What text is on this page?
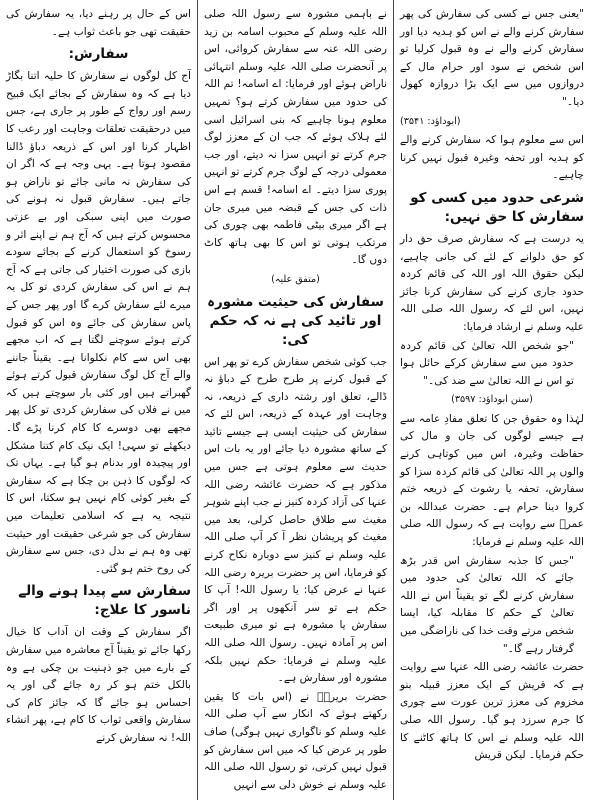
"یعنی جس نے کسی کی سفارش کی پھر سفارش کرنے والے نے اس کو ہدیہ دیا اور سفارش کرنے والے نے وہ قبول کرلیا تو اس شخص نے سود اور حرام مال کے دروازوں میں سے ایک بڑا دروازہ کھول دیا۔"

(ابوداؤد: ۳۵۴۱)

اس سے معلوم ہوا کہ سفارش کرنے والے کو ہدیہ اور تحفہ وغیرہ قبول نہیں کرنا چاہیے۔

شرعی حدود میں کسی کو سفارش کا حق نہیں:

یہ درست ہے کہ سفارش صرف حق دار کو حق دلوانے کے لئے کی جانی چاہیے، لیکن حقوق اللہ اور اللہ کی قائم کردہ حدود جاری کرنے کی سفارش کرنا جائز نہیں، اس لئے کہ رسول اللہ صلی اللہ علیہ وسلم نے ارشاد فرمایا:

"جو شخص اللہ تعالیٰ کی قائم کردہ حدود میں سے سفارش کرکے حائل ہوا تو اس نے اللہ تعالیٰ سے ضد کی۔"

(سنن ابوداؤد: ۳۵۹۷)

لہٰذا وہ حقوق جن کا تعلق مفادِ عامہ سے ہے جیسے لوگوں کی جان و مال کی حفاظت وغیرہ، اس میں کوتاہی کرنے والوں پر اللہ تعالیٰ کی قائم کردہ سزا کو سفارش، تحفہ یا رشوت کے ذریعہ ختم کروا دینا حرام ہے۔ حضرت عبداللہ بن عمرؓ سے روایت ہے کہ رسول اللہ صلی اللہ علیہ وسلم نے فرمایا:

"جس کا جذبہ سفارش اس قدر بڑھ جائے کہ اللہ تعالیٰ کی حدود میں سفارش کرنے لگے تو یقیناً اس نے اللہ تعالیٰ کے حکم کا مقابلہ کیا، ایسا شخص مرتے وقت خدا کی ناراضگی میں گرفتار رہے گا۔"

حضرت عائشہ رضی اللہ عنہا سے روایت ہے کہ قریش کے ایک معزز قبیلہ بنو مخزوم کی معزز ترین عورت سے چوری کا جرم سرزد ہو گیا۔ رسول اللہ صلی اللہ علیہ وسلم نے اس کا ہاتھ کاٹنے کا حکم فرمایا۔ لیکن قریش

نے باہمی مشورہ سے رسول اللہ صلی اللہ علیہ وسلم کے محبوب اسامہ بن زید رضی اللہ عنہ سے سفارش کروائی، اس پر آنحضرت صلی اللہ علیہ وسلم انتہائی ناراض ہوئے اور فرمایا: اے اسامہ! تم اللہ کی حدود میں سفارش کرتے ہو؟ تمہیں معلوم ہونا چاہیے کہ بنی اسرائیل اسی لئے ہلاک ہوئے کہ جب ان کے معزز لوگ جرم کرتے تو انہیں سزا نہ دیتے، اور جب معمولی درجہ کے لوگ جرم کرتے تو انہیں پوری سزا دیتے۔ اے اسامہ! قسم ہے اس ذات کی جس کے قبضہ میں میری جان ہے اگر میری بیٹی فاطمہ بھی چوری کی مرتکب ہوتی تو اس کا بھی ہاتھ کاٹ دوں گا۔

(متفق علیہ)
سفارش کی حیثیت مشورہ اور تائید کی ہے نہ کہ حکم کی:

جب کوئی شخص سفارش کرے تو پھر اس کے قبول کرنے پر طرح طرح کے دباؤ نہ ڈالے، تعلق اور رشتہ داری کے ذریعہ، نہ وجاہت اور عہدہ کے ذریعہ، اس لئے کہ سفارش کی حیثیت ایسی ہے جیسے تائید کے ساتھ مشورہ دیا جائے اور یہ بات اس حدیث سے معلوم ہوتی ہے جس میں مذکور ہے کہ حضرت عائشہ رضی اللہ عنہا کی آزاد کردہ کنیز نے جب اپنے شوہر مغیث سے طلاق حاصل کرلی، بعد میں مغیث کو پریشان نظر آ کر آپ صلی اللہ علیہ وسلم نے کنیز سے دوبارہ نکاح کرنے کو فرمایا، اس پر حضرت بریرہ رضی اللہ عنہا نے عرض کیا: یا رسول اللہ! آپ کا حکم ہے تو سر آنکھوں پر اور اگر سفارش یا مشورہ ہے تو میری طبیعت اس پر آمادہ نہیں۔ رسول اللہ صلی اللہ علیہ وسلم نے فرمایا: حکم نہیں بلکہ مشورہ اور سفارش ہے۔

حضرت بریرہؓ نے (اس بات کا یقین رکھتے ہوئے کہ انکار سے آپ صلی اللہ علیہ وسلم کو ناگواری نہیں ہوگی) صاف طور پر عرض کیا کہ میں اس سفارش کو قبول نہیں کرتی، تو رسول اللہ صلی اللہ علیہ وسلم نے خوش دلی سے انہیں

اس کے حال پر رہنے دیا، یہ سفارش کی حقیقت تھی جو باعث ثواب ہے۔

سفارش:

آج کل لوگوں نے سفارش کا حلیہ اتنا بگاڑ دیا ہے کہ وہ سفارش کے بجائے ایک قبیح رسم اور رواج کے طور پر جاری ہے، جس میں درحقیقت تعلقات وجاہت اور رعب کا اظہار کرنا اور اس کے ذریعہ دباؤ ڈالنا مقصود ہوتا ہے۔ یہی وجہ ہے کہ اگر ان کی سفارش نہ مانی جائے تو ناراض ہو جاتے ہیں۔ سفارش قبول نہ ہونے کی صورت میں اپنی سبکی اور بے عزتی محسوس کرتے ہیں کہ آج ہم نے اپنے اثر و رسوخ کو استعمال کرنے کے بجائے سودے بازی کی صورت اختیار کی جاتی ہے کہ آج ہم نے اس کی سفارش کردی تو کل یہ میرے لئے سفارش کرے گا اور پھر جس کے پاس سفارش کی جائے وہ اس کو قبول کرتے ہوئے سوچنے لگتا ہے کہ اب مجھے بھی اس سے کام نکلوانا ہے۔ یقیناً جاننے والے آج کل لوگ سفارش قبول کرتے ہوئے گھبراتے ہیں اور کئی بار سوچتے ہیں کہ میں نے فلاں کی سفارش کردی تو کل پھر مجھے بھی دوسرے کا کام کرنا پڑے گا۔ دیکھئے تو سہی! ایک نیک کام کتنا مشکل اور پیچیدہ اور بدنام ہو گیا ہے۔ یہاں تک کہ لوگوں کا ذہن بن چکا ہے کہ سفارش کے بغیر کوئی کام نہیں ہو سکتا، اس کا نتیجہ یہ ہے کہ اسلامی تعلیمات میں سفارش کی جو شرعی حقیقت اور حیثیت تھی وہ ہم نے بدل دی، جس سے سفارش کی روح ختم ہو گئی۔

سفارش سے پیدا ہونے والے ناسور کا علاج:

اگر سفارش کے وقت ان آداب کا خیال رکھا جائے تو یقیناً آج معاشرہ میں سفارش کے بارے میں جو ذہنیت بن چکی ہے وہ بالکل ختم ہو کر رہ جائے گی اور یہ احساس ہو جائے گا کہ جائز کام کی سفارش واقعی ثواب کا کام ہے، پھر انشاء اللہ! نہ سفارش کرنے
